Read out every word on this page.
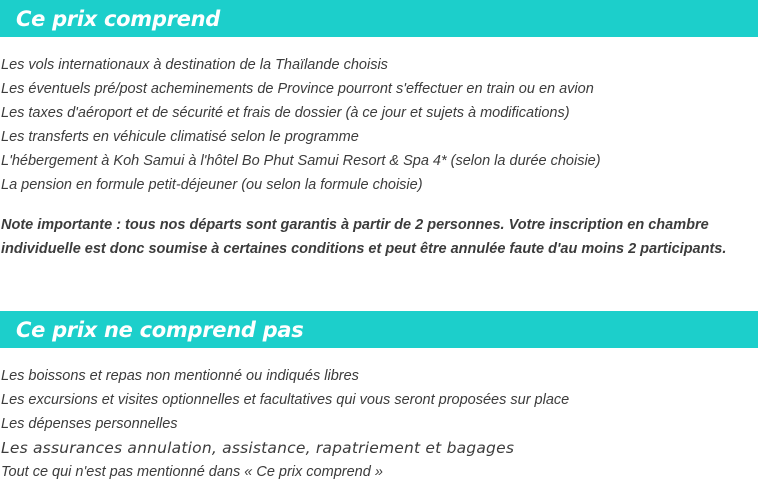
Ce prix comprend
Les vols internationaux à destination de la Thaïlande choisis
Les éventuels pré/post acheminements de Province pourront s'effectuer en train ou en avion
Les taxes d'aéroport et de sécurité et frais de dossier (à ce jour et sujets à modifications)
Les transferts en véhicule climatisé selon le programme
L'hébergement à Koh Samui à l'hôtel Bo Phut Samui Resort & Spa 4* (selon la durée choisie)
La pension en formule petit-déjeuner (ou selon la formule choisie)

Note importante : tous nos départs sont garantis à partir de 2 personnes. Votre inscription en chambre individuelle est donc soumise à certaines conditions et peut être annulée faute d'au moins 2 participants.

Ce prix ne comprend pas
Les boissons et repas non mentionné ou indiqués libres
Les excursions et visites optionnelles et facultatives qui vous seront proposées sur place
Les dépenses personnelles
Les assurances annulation, assistance, rapatriement et bagages
Tout ce qui n'est pas mentionné dans « Ce prix comprend »
